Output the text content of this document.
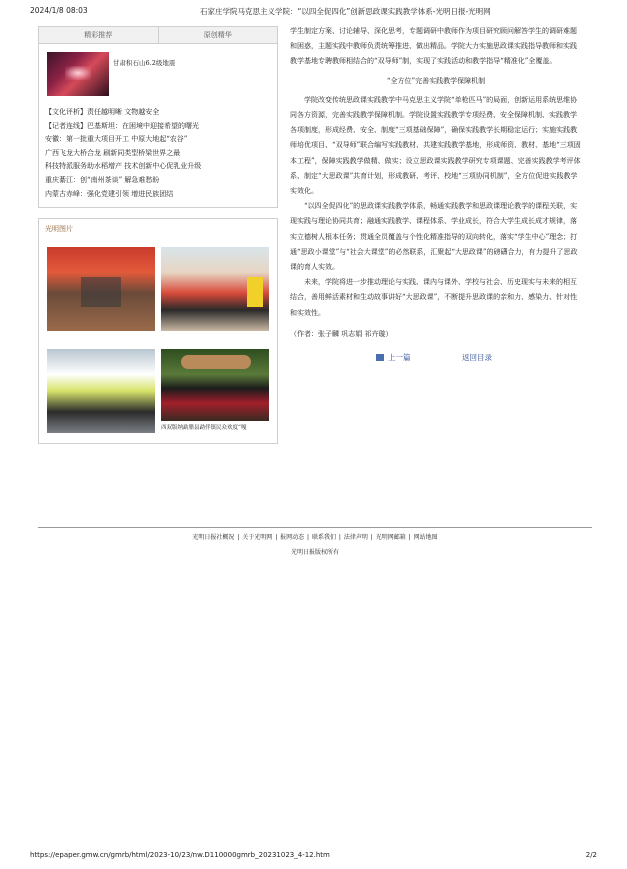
2024/1/8 08:03	石家庄学院马克思主义学院：“以四全促四化”创新思政课实践教学体系-光明日报-光明网
精彩推荐	原创精华
甘肃积石山6.2级地震
【文化评析】责任越明晰 文物越安全
【记者连线】巴基斯坦：在困境中迎接希望的曙光
安徽：第一批重大项目开工 中原大地起“农谷”
广西飞龙大桥合龙 刷新同类型桥梁世界之最
科技特派服务助水稻增产 技术创新中心促乳业升级
重庆綦江：创“南州茶谈” 解急难愁盼
内蒙古赤峰：强化党建引领 增进民族团结
光明图片
西双版纳勐腊县勐伴镇民众欢度“嘎

学生制定方案、讨论辅导、深化思考，专题调研中教师作为项目研究顾问解答学生的调研难题和困惑，主题实践中教师负责统筹推进、做出精品。学院大力实施思政课实践指导教师和实践教学基地专聘教师相结合的“双导师”制，实现了实践活动和教学指导“精准化”全覆盖。

“全方位”完善实践教学保障机制

学院改变传统思政课实践教学中马克思主义学院“单枪匹马”的局面，创新运用系统思维协同各方资源，完善实践教学保障机制。学院设置实践教学专项经费、安全保障机制、实践教学各项制度，形成经费、安全、制度“三项基础保障”，确保实践教学长期稳定运行；实施实践教师培优项目、“双导师”联合编写实践教材、共建实践教学基地，形成师资、教材、基地“三项固本工程”，保障实践教学做精、做实；设立思政课实践教学研究专项课题、完善实践教学考评体系、制定“大思政课”共育计划，形成教研、考评、校地“三项协同机制”，全方位促进实践教学实效化。

“以四全促四化”的思政课实践教学体系，畅通实践教学和思政课理论教学的课程关联，实现实践与理论协同共育；融通实践教学、课程体系、学业成长，符合大学生成长成才规律，落实立德树人根本任务；贯通全员覆盖与个性化精准指导的双向转化，落实“学生中心”理念；打通“思政小课堂”与“社会大课堂”的必然联系，汇聚起“大思政课”的磅礴合力，有力提升了思政课的育人实效。

未来，学院将进一步推动理论与实践、课内与课外、学校与社会、历史现实与未来的相互结合，善用鲜活素材和生动故事讲好“大思政课”，不断提升思政课的亲和力、感染力、针对性和实效性。

（作者：张子麟 巩志娟 祁卉璇）

上一篇	返回目录
光明日报社概况 | 关于光明网 | 报网动态 | 联系我们 | 法律声明 | 光明网邮箱 | 网站地图
光明日报版权所有
https://epaper.gmw.cn/gmrb/html/2023-10/23/nw.D110000gmrb_20231023_4-12.htm	2/2
